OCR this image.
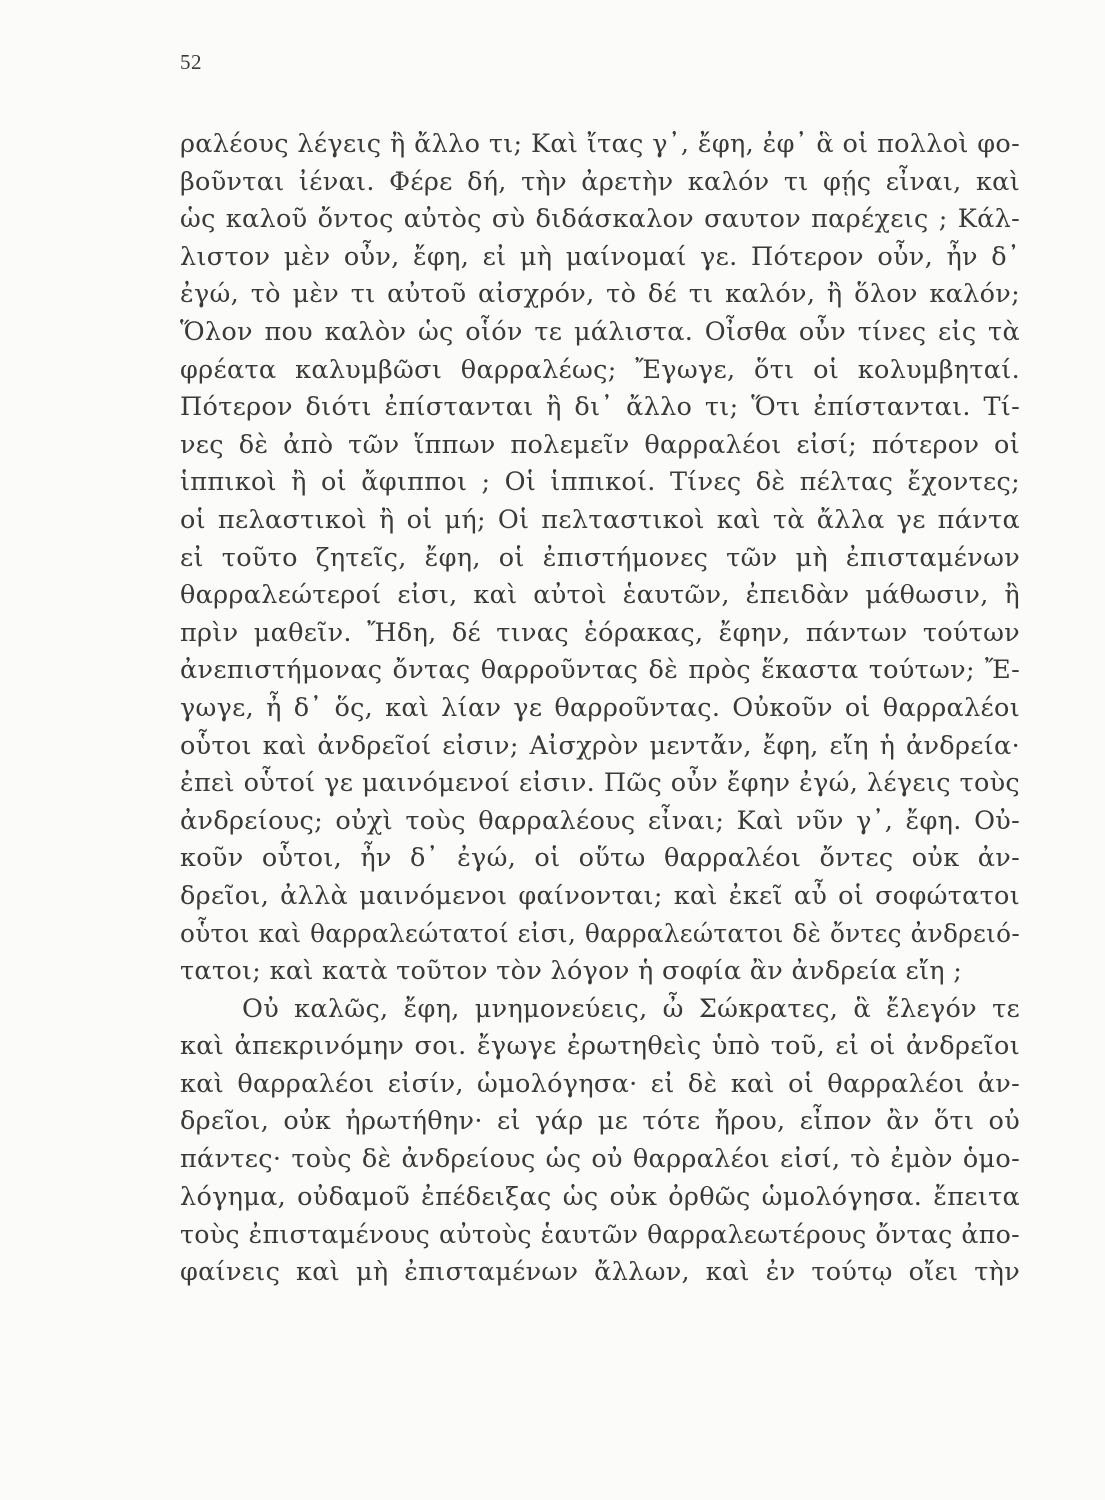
52
ραλέους λέγεις ἢ ἄλλο τι; Καὶ ἴτας γ᾽, ἔφη, ἐφ᾽ ἃ οἱ πολλοὶ φο-
βοῦνται ἰέναι. Φέρε δή, τὴν ἀρετὴν καλόν τι φῄς εἶναι, καὶ
ὡς καλοῦ ὄντος αὐτὸς σὺ διδάσκαλον σαυτον παρέχεις ; Κάλ-
λιστον μὲν οὖν, ἔφη, εἰ μὴ μαίνομαί γε. Πότερον οὖν, ἦν δ᾽
ἐγώ, τὸ μὲν τι αὐτοῦ αἰσχρόν, τὸ δέ τι καλόν, ἢ ὅλον καλόν;
Ὅλον που καλὸν ὡς οἷόν τε μάλιστα. Οἶσθα οὖν τίνες εἰς τὰ
φρέατα καλυμβῶσι θαρραλέως; Ἔγωγε, ὅτι οἱ κολυμβηταί.
Πότερον διότι ἐπίστανται ἢ δι᾽ ἄλλο τι; Ὅτι ἐπίστανται. Τί-
νες δὲ ἀπὸ τῶν ἵππων πολεμεῖν θαρραλέοι εἰσί; πότερον οἱ
ἱππικοὶ ἢ οἱ ἄφιπποι ; Οἱ ἱππικοί. Τίνες δὲ πέλτας ἔχοντες;
οἱ πελαστικοὶ ἢ οἱ μή; Οἱ πελταστικοὶ καὶ τὰ ἄλλα γε πάντα
εἰ τοῦτο ζητεῖς, ἔφη, οἱ ἐπιστήμονες τῶν μὴ ἐπισταμένων
θαρραλεώτεροί εἰσι, καὶ αὐτοὶ ἑαυτῶν, ἐπειδὰν μάθωσιν, ἢ
πρὶν μαθεῖν. Ἤδη, δέ τινας ἑόρακας, ἔφην, πάντων τούτων
ἀνεπιστήμονας ὄντας θαρροῦντας δὲ πρὸς ἕκαστα τούτων; Ἔ-
γωγε, ἦ δ᾽ ὅς, καὶ λίαν γε θαρροῦντας. Οὐκοῦν οἱ θαρραλέοι
οὗτοι καὶ ἀνδρεῖοί εἰσιν; Αἰσχρὸν μεντἄν, ἔφη, εἴη ἡ ἀνδρεία·
ἐπεὶ οὗτοί γε μαινόμενοί εἰσιν. Πῶς οὖν ἔφην ἐγώ, λέγεις τοὺς
ἀνδρείους; οὐχὶ τοὺς θαρραλέους εἶναι; Καὶ νῦν γ᾽, ἔφη. Οὐ-
κοῦν οὗτοι, ἦν δ᾽ ἐγώ, οἱ οὕτω θαρραλέοι ὄντες οὐκ ἀν-
δρεῖοι, ἀλλὰ μαινόμενοι φαίνονται; καὶ ἐκεῖ αὖ οἱ σοφώτατοι
οὗτοι καὶ θαρραλεώτατοί εἰσι, θαρραλεώτατοι δὲ ὄντες ἀνδρειό-
τατοι; καὶ κατὰ τοῦτον τὸν λόγον ἡ σοφία ἂν ἀνδρεία εἴη ;
Οὐ καλῶς, ἔφη, μνημονεύεις, ὦ Σώκρατες, ἃ ἔλεγόν τε
καὶ ἀπεκρινόμην σοι. ἔγωγε ἐρωτηθεὶς ὑπὸ τοῦ, εἰ οἱ ἀνδρεῖοι
καὶ θαρραλέοι εἰσίν, ὡμολόγησα· εἰ δὲ καὶ οἱ θαρραλέοι ἀν-
δρεῖοι, οὐκ ἠρωτήθην· εἰ γάρ με τότε ἤρου, εἶπον ἂν ὅτι οὐ
πάντες· τοὺς δὲ ἀνδρείους ὡς οὐ θαρραλέοι εἰσί, τὸ ἐμὸν ὁμο-
λόγημα, οὐδαμοῦ ἐπέδειξας ὡς οὐκ ὀρθῶς ὡμολόγησα. ἔπειτα
τοὺς ἐπισταμένους αὐτοὺς ἑαυτῶν θαρραλεωτέρους ὄντας ἀπο-
φαίνεις καὶ μὴ ἐπισταμένων ἄλλων, καὶ ἐν τούτῳ οἴει τὴν
